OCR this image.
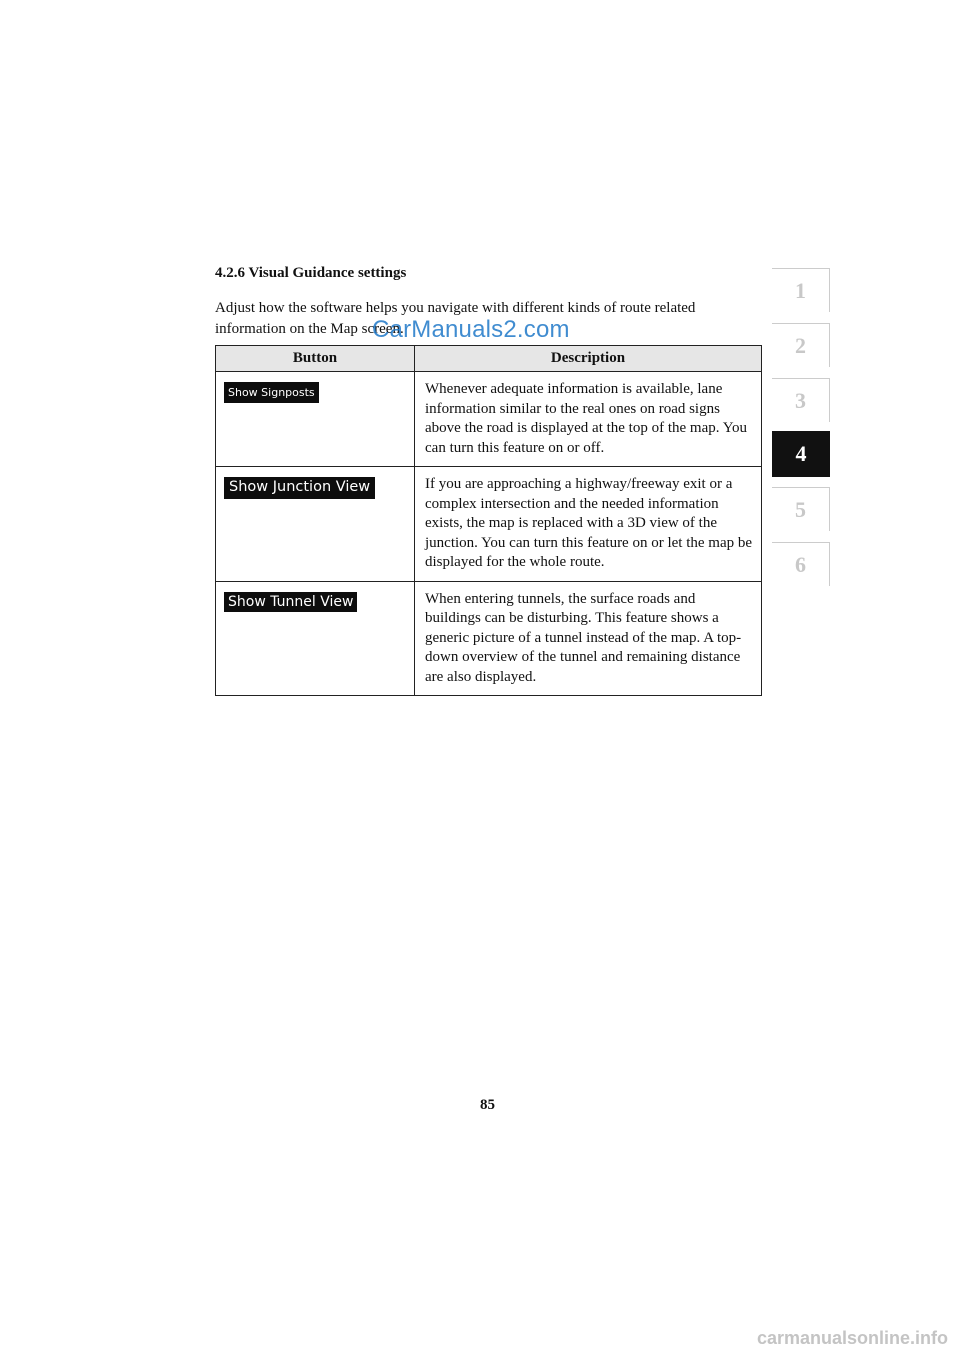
4.2.6 Visual Guidance settings
Adjust how the software helps you navigate with different kinds of route related information on the Map screen.
Button	Description
Show Signposts	Whenever adequate information is available, lane information similar to the real ones on road signs above the road is displayed at the top of the map. You can turn this feature on or off.
Show Junction View	If you are approaching a highway/freeway exit or a complex intersection and the needed information exists, the map is replaced with a 3D view of the junction. You can turn this feature on or let the map be displayed for the whole route.
Show Tunnel View	When entering tunnels, the surface roads and buildings can be disturbing. This feature shows a generic picture of a tunnel instead of the map. A top-down overview of the tunnel and remaining distance are also displayed.
1
2
3
4
5
6
CarManuals2.com
85
carmanualsonline.info
